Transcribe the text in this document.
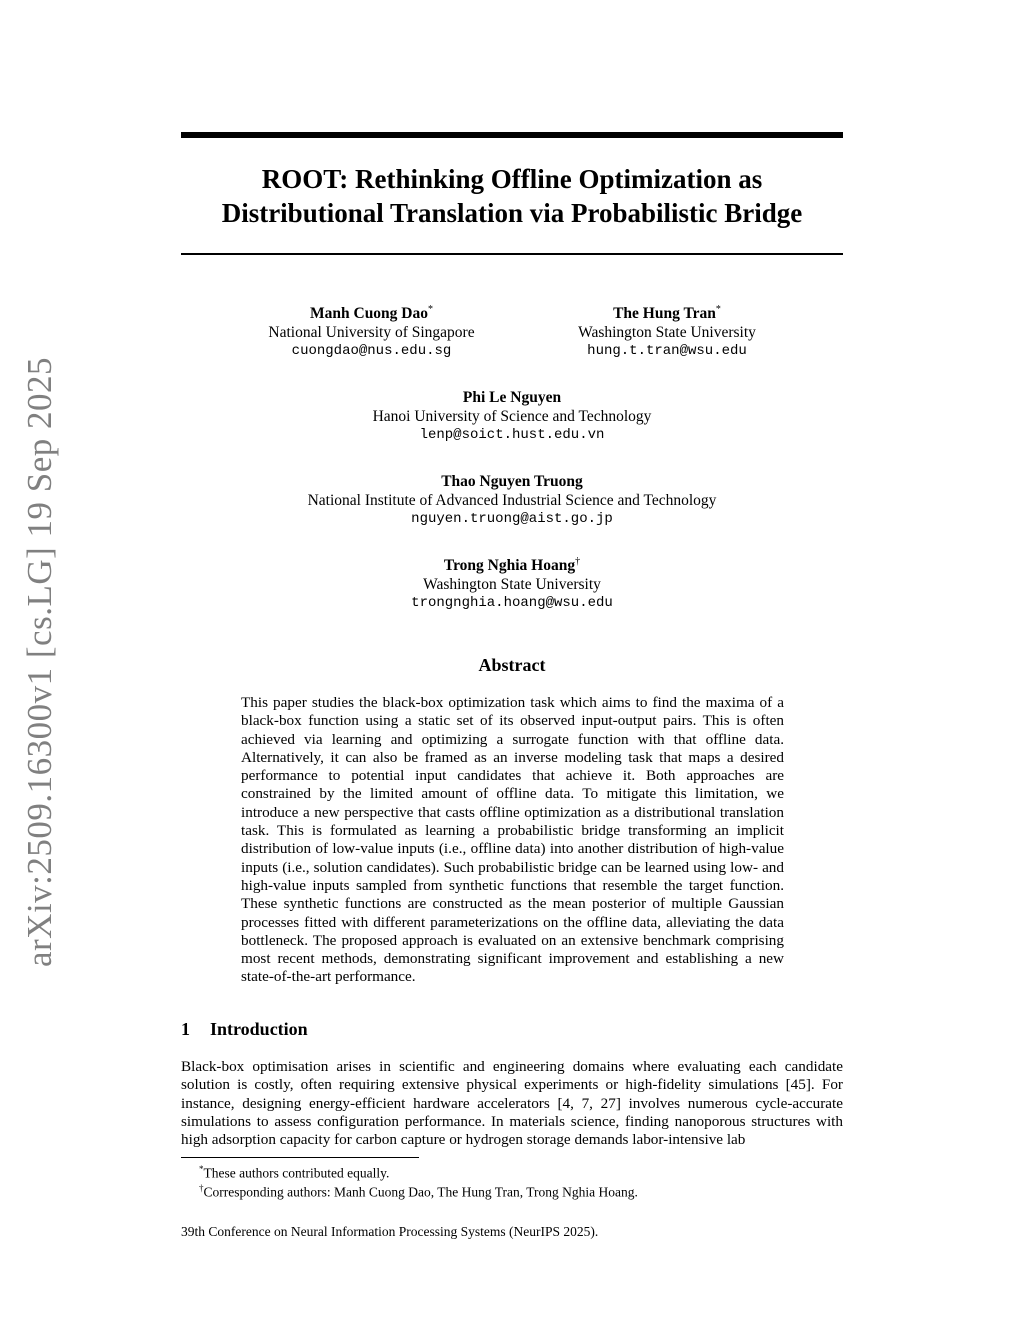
arXiv:2509.16300v1 [cs.LG] 19 Sep 2025
ROOT: Rethinking Offline Optimization as
Distributional Translation via Probabilistic Bridge
Manh Cuong Dao*
National University of Singapore
cuongdao@nus.edu.sg
The Hung Tran*
Washington State University
hung.t.tran@wsu.edu
Phi Le Nguyen
Hanoi University of Science and Technology
lenp@soict.hust.edu.vn
Thao Nguyen Truong
National Institute of Advanced Industrial Science and Technology
nguyen.truong@aist.go.jp
Trong Nghia Hoang†
Washington State University
trongnghia.hoang@wsu.edu
Abstract
This paper studies the black-box optimization task which aims to find the maxima of a black-box function using a static set of its observed input-output pairs. This is often achieved via learning and optimizing a surrogate function with that offline data. Alternatively, it can also be framed as an inverse modeling task that maps a desired performance to potential input candidates that achieve it. Both approaches are constrained by the limited amount of offline data. To mitigate this limitation, we introduce a new perspective that casts offline optimization as a distributional translation task. This is formulated as learning a probabilistic bridge transforming an implicit distribution of low-value inputs (i.e., offline data) into another distribution of high-value inputs (i.e., solution candidates). Such probabilistic bridge can be learned using low- and high-value inputs sampled from synthetic functions that resemble the target function. These synthetic functions are constructed as the mean posterior of multiple Gaussian processes fitted with different parameterizations on the offline data, alleviating the data bottleneck. The proposed approach is evaluated on an extensive benchmark comprising most recent methods, demonstrating significant improvement and establishing a new state-of-the-art performance.
1 Introduction
Black-box optimisation arises in scientific and engineering domains where evaluating each candidate solution is costly, often requiring extensive physical experiments or high-fidelity simulations [45]. For instance, designing energy-efficient hardware accelerators [4, 7, 27] involves numerous cycle-accurate simulations to assess configuration performance. In materials science, finding nanoporous structures with high adsorption capacity for carbon capture or hydrogen storage demands labor-intensive lab
*These authors contributed equally.
†Corresponding authors: Manh Cuong Dao, The Hung Tran, Trong Nghia Hoang.
39th Conference on Neural Information Processing Systems (NeurIPS 2025).
